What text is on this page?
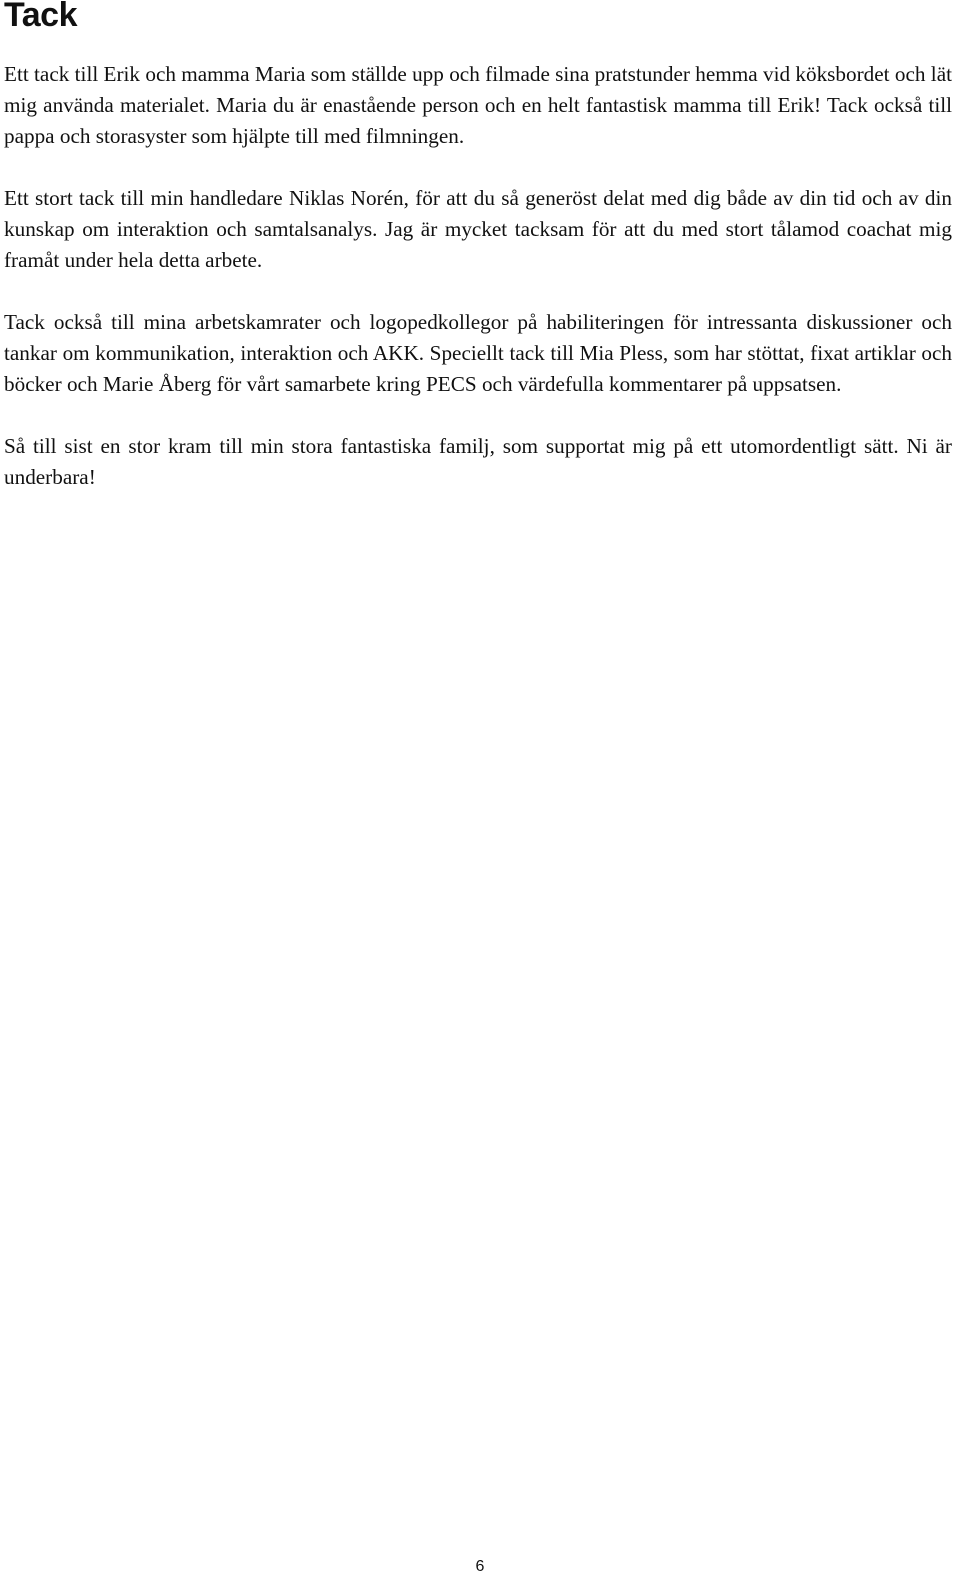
Tack

Ett tack till Erik och mamma Maria som ställde upp och filmade sina pratstunder hemma vid köksbordet och lät mig använda materialet. Maria du är enastående person och en helt fantastisk mamma till Erik! Tack också till pappa och storasyster som hjälpte till med filmningen.

Ett stort tack till min handledare Niklas Norén, för att du så generöst delat med dig både av din tid och av din kunskap om interaktion och samtalsanalys. Jag är mycket tacksam för att du med stort tålamod coachat mig framåt under hela detta arbete.

Tack också till mina arbetskamrater och logopedkollegor på habiliteringen för intressanta diskussioner och tankar om kommunikation, interaktion och AKK. Speciellt tack till Mia Pless, som har stöttat, fixat artiklar och böcker och Marie Åberg för vårt samarbete kring PECS och värdefulla kommentarer på uppsatsen.

Så till sist en stor kram till min stora fantastiska familj, som supportat mig på ett utomordentligt sätt. Ni är underbara!

6
